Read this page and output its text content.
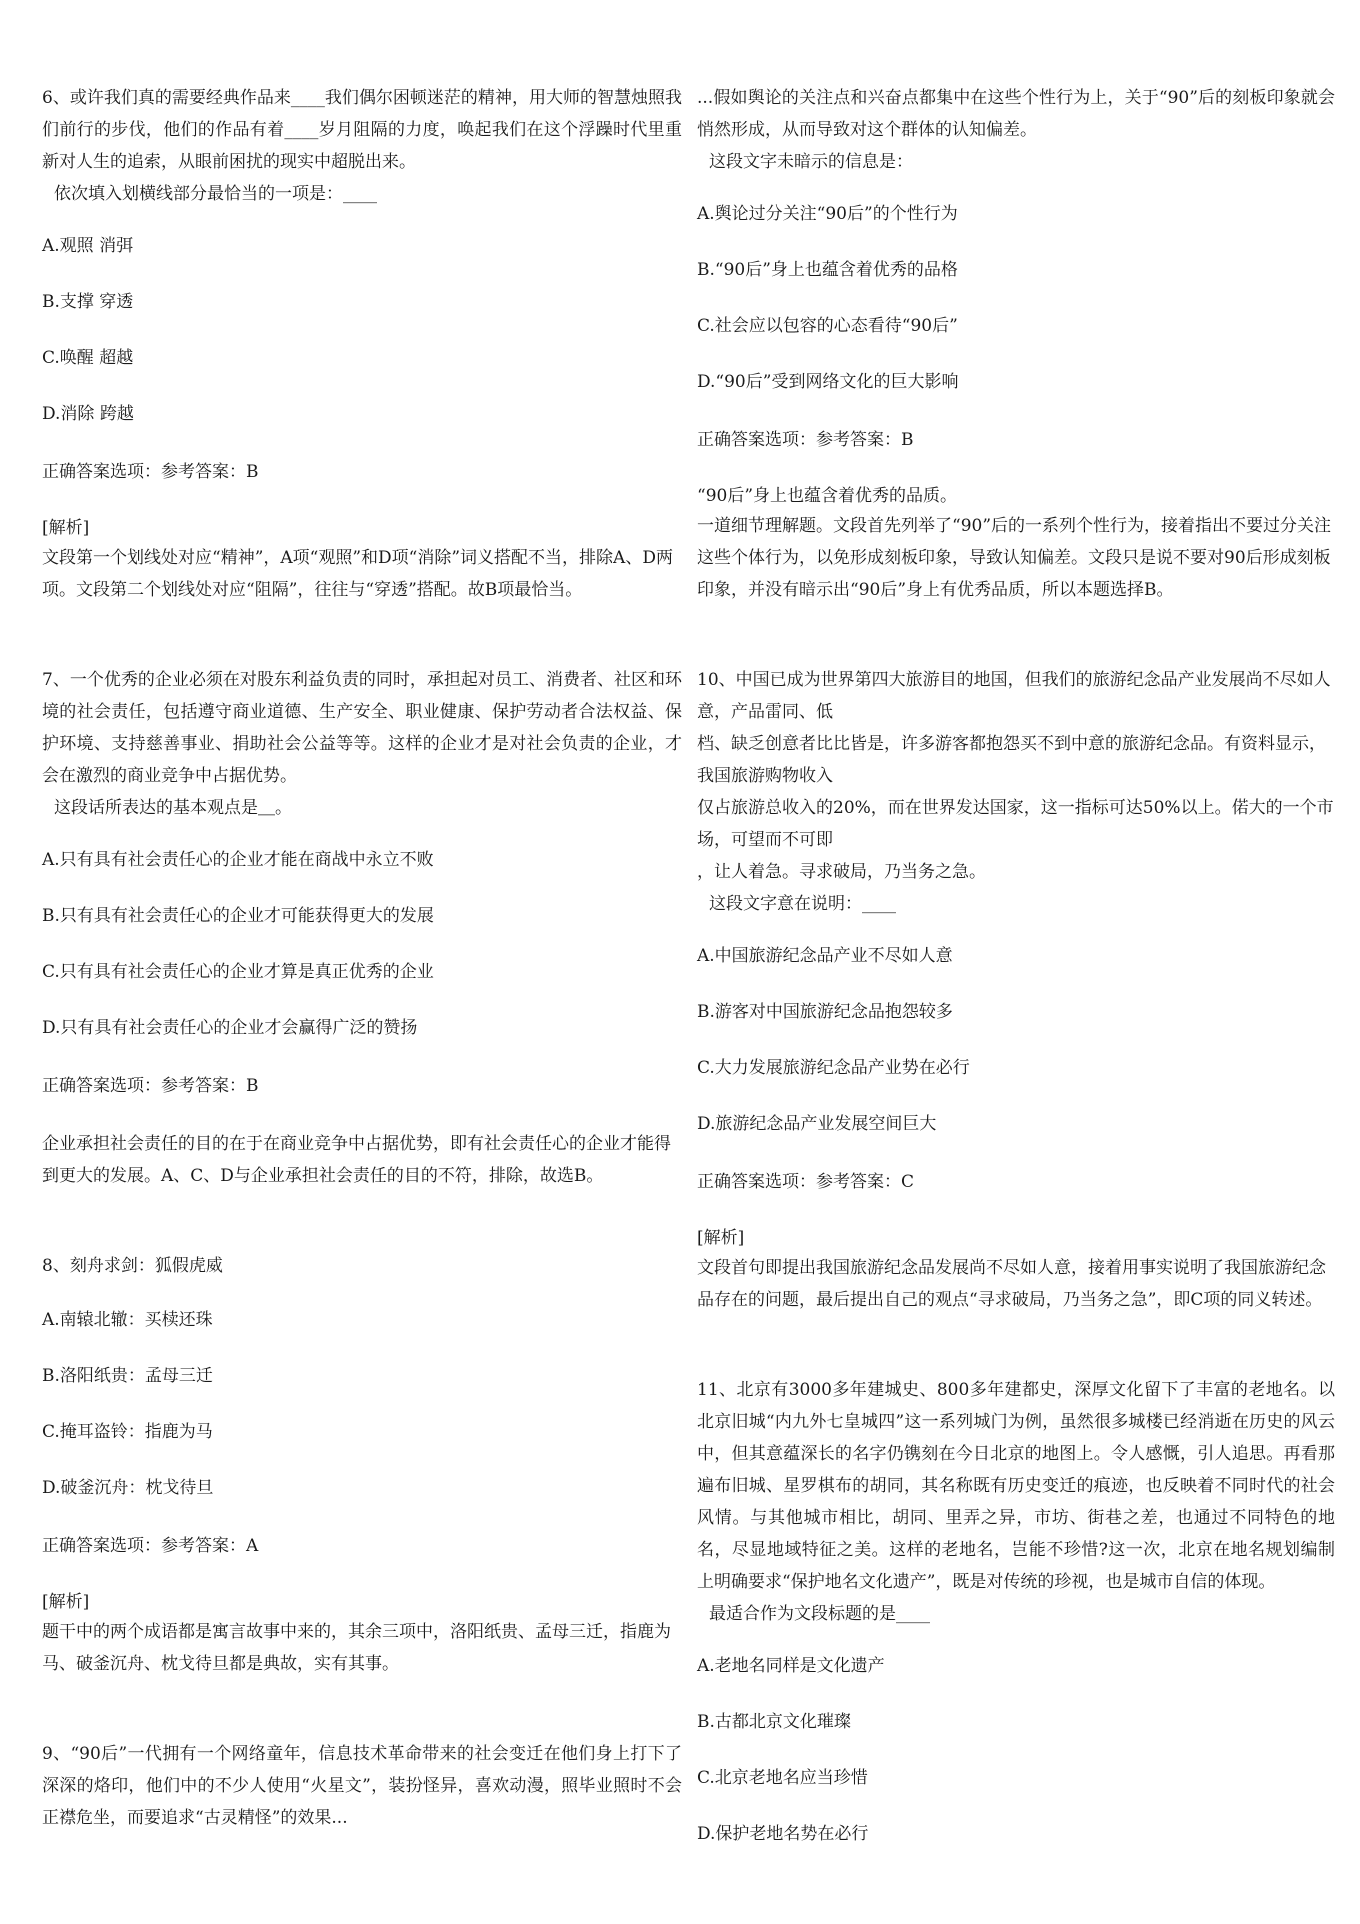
6、或许我们真的需要经典作品来____我们偶尔困顿迷茫的精神，用大师的智慧烛照我们前行的步伐，他们的作品有着____岁月阻隔的力度，唤起我们在这个浮躁时代里重新对人生的追索，从眼前困扰的现实中超脱出来。

依次填入划横线部分最恰当的一项是：____

A.观照 消弭

B.支撑 穿透

C.唤醒 超越

D.消除 跨越

正确答案选项：参考答案：B

[解析]

文段第一个划线处对应“精神”，A项“观照”和D项“消除”词义搭配不当，排除A、D两项。文段第二个划线处对应“阻隔”，往往与“穿透”搭配。故B项最恰当。

7、一个优秀的企业必须在对股东利益负责的同时，承担起对员工、消费者、社区和环境的社会责任，包括遵守商业道德、生产安全、职业健康、保护劳动者合法权益、保护环境、支持慈善事业、捐助社会公益等等。这样的企业才是对社会负责的企业，才会在激烈的商业竞争中占据优势。

这段话所表达的基本观点是＿。

A.只有具有社会责任心的企业才能在商战中永立不败

B.只有具有社会责任心的企业才可能获得更大的发展

C.只有具有社会责任心的企业才算是真正优秀的企业

D.只有具有社会责任心的企业才会赢得广泛的赞扬

正确答案选项：参考答案：B

企业承担社会责任的目的在于在商业竞争中占据优势，即有社会责任心的企业才能得到更大的发展。A、C、D与企业承担社会责任的目的不符，排除，故选B。

8、刻舟求剑：狐假虎威

A.南辕北辙：买椟还珠

B.洛阳纸贵：孟母三迁

C.掩耳盗铃：指鹿为马

D.破釜沉舟：枕戈待旦

正确答案选项：参考答案：A

[解析]

题干中的两个成语都是寓言故事中来的，其余三项中，洛阳纸贵、孟母三迁，指鹿为马、破釜沉舟、枕戈待旦都是典故，实有其事。

9、“90后”一代拥有一个网络童年，信息技术革命带来的社会变迁在他们身上打下了深深的烙印，他们中的不少人使用“火星文”，装扮怪异，喜欢动漫，照毕业照时不会正襟危坐，而要追求“古灵精怪”的效果...

...假如舆论的关注点和兴奋点都集中在这些个性行为上，关于“90”后的刻板印象就会悄然形成，从而导致对这个群体的认知偏差。

这段文字未暗示的信息是：

A.舆论过分关注“90后”的个性行为

B.“90后”身上也蕴含着优秀的品格

C.社会应以包容的心态看待“90后”

D.“90后”受到网络文化的巨大影响

正确答案选项：参考答案：B

“90后”身上也蕴含着优秀的品质。

一道细节理解题。文段首先列举了“90”后的一系列个性行为，接着指出不要过分关注这些个体行为，以免形成刻板印象，导致认知偏差。文段只是说不要对90后形成刻板印象，并没有暗示出“90后”身上有优秀品质，所以本题选择B。

10、中国已成为世界第四大旅游目的地国，但我们的旅游纪念品产业发展尚不尽如人意，产品雷同、低

档、缺乏创意者比比皆是，许多游客都抱怨买不到中意的旅游纪念品。有资料显示，我国旅游购物收入

仅占旅游总收入的20%，而在世界发达国家，这一指标可达50%以上。偌大的一个市场，可望而不可即

，让人着急。寻求破局，乃当务之急。

这段文字意在说明：____

A.中国旅游纪念品产业不尽如人意

B.游客对中国旅游纪念品抱怨较多

C.大力发展旅游纪念品产业势在必行

D.旅游纪念品产业发展空间巨大

正确答案选项：参考答案：C

[解析]

文段首句即提出我国旅游纪念品发展尚不尽如人意，接着用事实说明了我国旅游纪念品存在的问题，最后提出自己的观点“寻求破局，乃当务之急”，即C项的同义转述。

11、北京有3000多年建城史、800多年建都史，深厚文化留下了丰富的老地名。以北京旧城“内九外七皇城四”这一系列城门为例，虽然很多城楼已经消逝在历史的风云中，但其意蕴深长的名字仍镌刻在今日北京的地图上。令人感慨，引人追思。再看那遍布旧城、星罗棋布的胡同，其名称既有历史变迁的痕迹，也反映着不同时代的社会风情。与其他城市相比，胡同、里弄之异，市坊、街巷之差，也通过不同特色的地名，尽显地域特征之美。这样的老地名，岂能不珍惜?这一次，北京在地名规划编制上明确要求“保护地名文化遗产”，既是对传统的珍视，也是城市自信的体现。

最适合作为文段标题的是____

A.老地名同样是文化遗产

B.古都北京文化璀璨

C.北京老地名应当珍惜

D.保护老地名势在必行
